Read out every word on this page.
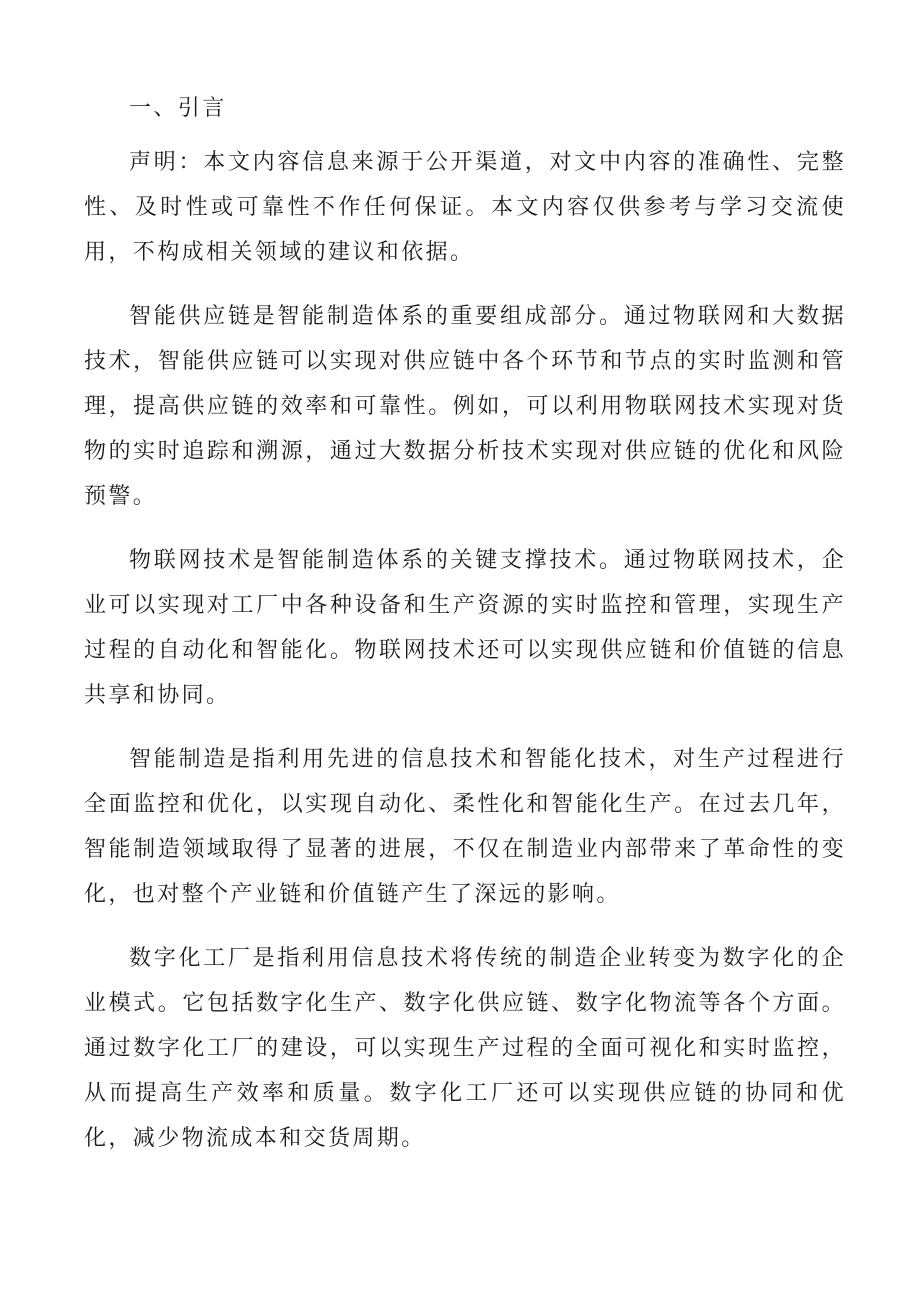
一、引言

声明：本文内容信息来源于公开渠道，对文中内容的准确性、完整性、及时性或可靠性不作任何保证。本文内容仅供参考与学习交流使用，不构成相关领域的建议和依据。

智能供应链是智能制造体系的重要组成部分。通过物联网和大数据技术，智能供应链可以实现对供应链中各个环节和节点的实时监测和管理，提高供应链的效率和可靠性。例如，可以利用物联网技术实现对货物的实时追踪和溯源，通过大数据分析技术实现对供应链的优化和风险预警。

物联网技术是智能制造体系的关键支撑技术。通过物联网技术，企业可以实现对工厂中各种设备和生产资源的实时监控和管理，实现生产过程的自动化和智能化。物联网技术还可以实现供应链和价值链的信息共享和协同。

智能制造是指利用先进的信息技术和智能化技术，对生产过程进行全面监控和优化，以实现自动化、柔性化和智能化生产。在过去几年，智能制造领域取得了显著的进展，不仅在制造业内部带来了革命性的变化，也对整个产业链和价值链产生了深远的影响。

数字化工厂是指利用信息技术将传统的制造企业转变为数字化的企业模式。它包括数字化生产、数字化供应链、数字化物流等各个方面。通过数字化工厂的建设，可以实现生产过程的全面可视化和实时监控，从而提高生产效率和质量。数字化工厂还可以实现供应链的协同和优化，减少物流成本和交货周期。
